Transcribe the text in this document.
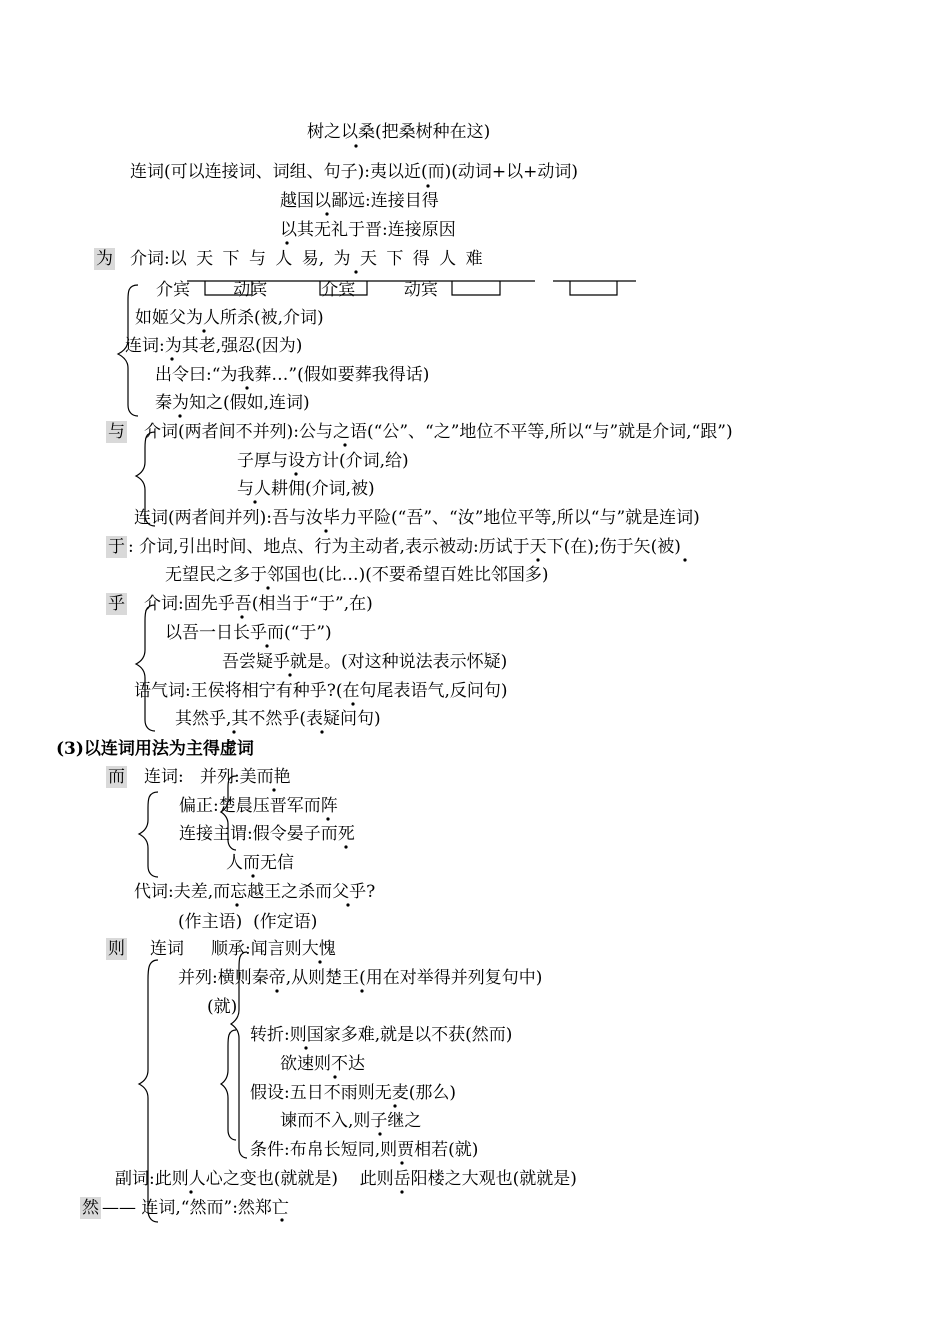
树之以桑(把桑树种在这)
连词(可以连接词、词组、句子):夷以近(而)(动词+以+动词)
越国以鄙远:连接目得
以其无礼于晋:连接原因
为 介词:以 天 下 与 人 易, 为 天 下 得 人 难
介宾        动宾          介宾         动宾
如姬父为人所杀(被,介词)
连词:为其老,强忍(因为)
出令曰:“为我葬…”(假如要葬我得话)
秦为知之(假如,连词)
与 介词(两者间不并列):公与之语(“公”、“之”地位不平等,所以“与”就是介词,“跟”)
子厚与设方计(介词,给)
与人耕佣(介词,被)
连词(两者间并列):吾与汝毕力平险(“吾”、“汝”地位平等,所以“与”就是连词)
于 : 介词,引出时间、地点、行为主动者,表示被动:历试于天下(在);伤于矢(被)
无望民之多于邻国也(比…)(不要希望百姓比邻国多)
乎 介词:固先乎吾(相当于“于”,在)
以吾一日长乎而(“于”)
吾尝疑乎就是。(对这种说法表示怀疑)
语气词:王侯将相宁有种乎?(在句尾表语气,反问句)
其然乎,其不然乎(表疑问句)
(3)以连词用法为主得虚词
而 连词:   并列:美而艳
偏正:楚晨压晋军而阵
连接主谓:假令晏子而死
人而无信
代词:夫差,而忘越王之杀而父乎?
(作主语)  (作定语)
则 连词     顺承:闻言则大愧
并列:横则秦帝,从则楚王(用在对举得并列复句中)
(就)
转折:则国家多难,就是以不获(然而)
欲速则不达
假设:五日不雨则无麦(那么)
谏而不入,则子继之
条件:布帛长短同,则贾相若(就)
副词:此则人心之变也(就就是)    此则岳阳楼之大观也(就就是)
然 —— 连词,“然而”:然郑亡
